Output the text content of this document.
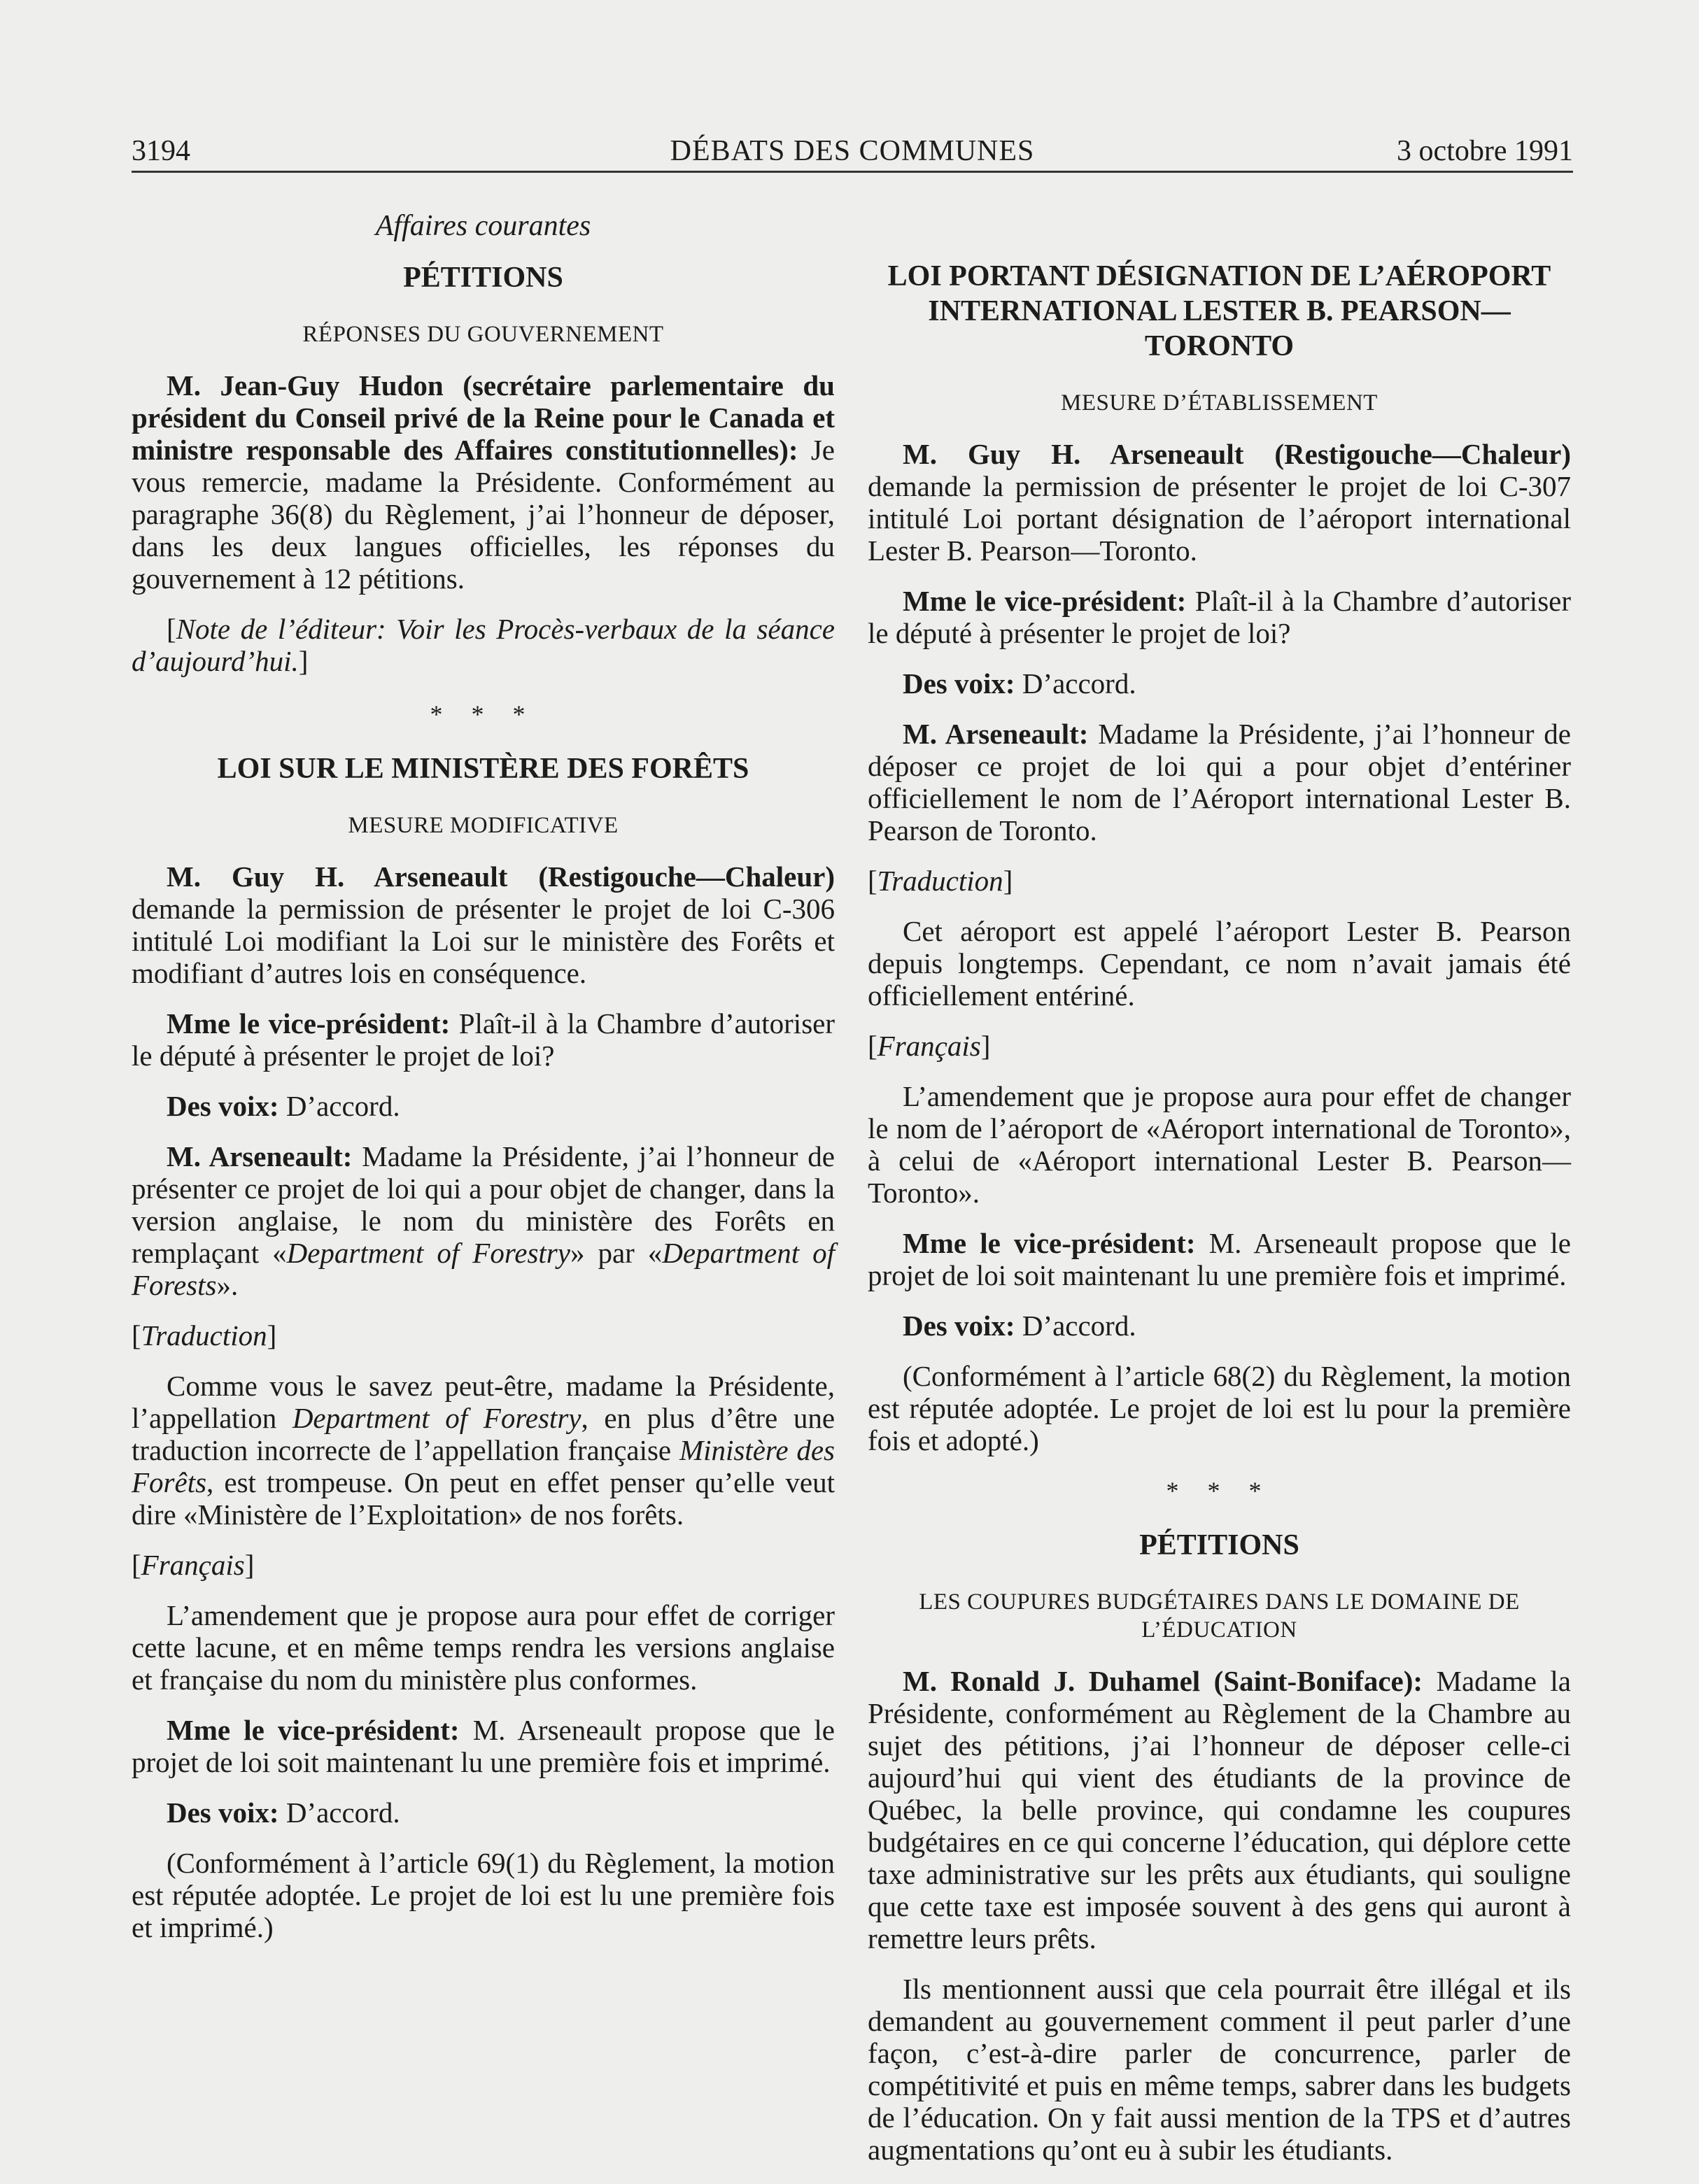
3194	DÉBATS DES COMMUNES	3 octobre 1991
Affaires courantes
PÉTITIONS
RÉPONSES DU GOUVERNEMENT

M. Jean-Guy Hudon (secrétaire parlementaire du président du Conseil privé de la Reine pour le Canada et ministre responsable des Affaires constitutionnelles): Je vous remercie, madame la Présidente. Conformément au paragraphe 36(8) du Règlement, j’ai l’honneur de déposer, dans les deux langues officielles, les réponses du gouvernement à 12 pétitions.

[Note de l’éditeur: Voir les Procès-verbaux de la séance d’aujourd’hui.]

* * *
LOI SUR LE MINISTÈRE DES FORÊTS
MESURE MODIFICATIVE

M. Guy H. Arseneault (Restigouche—Chaleur) demande la permission de présenter le projet de loi C-306 intitulé Loi modifiant la Loi sur le ministère des Forêts et modifiant d’autres lois en conséquence.

Mme le vice-président: Plaît-il à la Chambre d’autoriser le député à présenter le projet de loi?

Des voix: D’accord.

M. Arseneault: Madame la Présidente, j’ai l’honneur de présenter ce projet de loi qui a pour objet de changer, dans la version anglaise, le nom du ministère des Forêts en remplaçant «Department of Forestry» par «Department of Forests».

[Traduction]

Comme vous le savez peut-être, madame la Présidente, l’appellation Department of Forestry, en plus d’être une traduction incorrecte de l’appellation française Ministère des Forêts, est trompeuse. On peut en effet penser qu’elle veut dire «Ministère de l’Exploitation» de nos forêts.

[Français]

L’amendement que je propose aura pour effet de corriger cette lacune, et en même temps rendra les versions anglaise et française du nom du ministère plus conformes.

Mme le vice-président: M. Arseneault propose que le projet de loi soit maintenant lu une première fois et imprimé.

Des voix: D’accord.

(Conformément à l’article 69(1) du Règlement, la motion est réputée adoptée. Le projet de loi est lu une première fois et imprimé.)

LOI PORTANT DÉSIGNATION DE L’AÉROPORT INTERNATIONAL LESTER B. PEARSON—TORONTO
MESURE D’ÉTABLISSEMENT

M. Guy H. Arseneault (Restigouche—Chaleur) demande la permission de présenter le projet de loi C-307 intitulé Loi portant désignation de l’aéroport international Lester B. Pearson—Toronto.

Mme le vice-président: Plaît-il à la Chambre d’autoriser le député à présenter le projet de loi?

Des voix: D’accord.

M. Arseneault: Madame la Présidente, j’ai l’honneur de déposer ce projet de loi qui a pour objet d’entériner officiellement le nom de l’Aéroport international Lester B. Pearson de Toronto.

[Traduction]

Cet aéroport est appelé l’aéroport Lester B. Pearson depuis longtemps. Cependant, ce nom n’avait jamais été officiellement entériné.

[Français]

L’amendement que je propose aura pour effet de changer le nom de l’aéroport de «Aéroport international de Toronto», à celui de «Aéroport international Lester B. Pearson—Toronto».

Mme le vice-président: M. Arseneault propose que le projet de loi soit maintenant lu une première fois et imprimé.

Des voix: D’accord.

(Conformément à l’article 68(2) du Règlement, la motion est réputée adoptée. Le projet de loi est lu pour la première fois et adopté.)

* * *
PÉTITIONS
LES COUPURES BUDGÉTAIRES DANS LE DOMAINE DE L’ÉDUCATION

M. Ronald J. Duhamel (Saint-Boniface): Madame la Présidente, conformément au Règlement de la Chambre au sujet des pétitions, j’ai l’honneur de déposer celle-ci aujourd’hui qui vient des étudiants de la province de Québec, la belle province, qui condamne les coupures budgétaires en ce qui concerne l’éducation, qui déplore cette taxe administrative sur les prêts aux étudiants, qui souligne que cette taxe est imposée souvent à des gens qui auront à remettre leurs prêts.

Ils mentionnent aussi que cela pourrait être illégal et ils demandent au gouvernement comment il peut parler d’une façon, c’est-à-dire parler de concurrence, parler de compétitivité et puis en même temps, sabrer dans les budgets de l’éducation. On y fait aussi mention de la TPS et d’autres augmentations qu’ont eu à subir les étudiants.
